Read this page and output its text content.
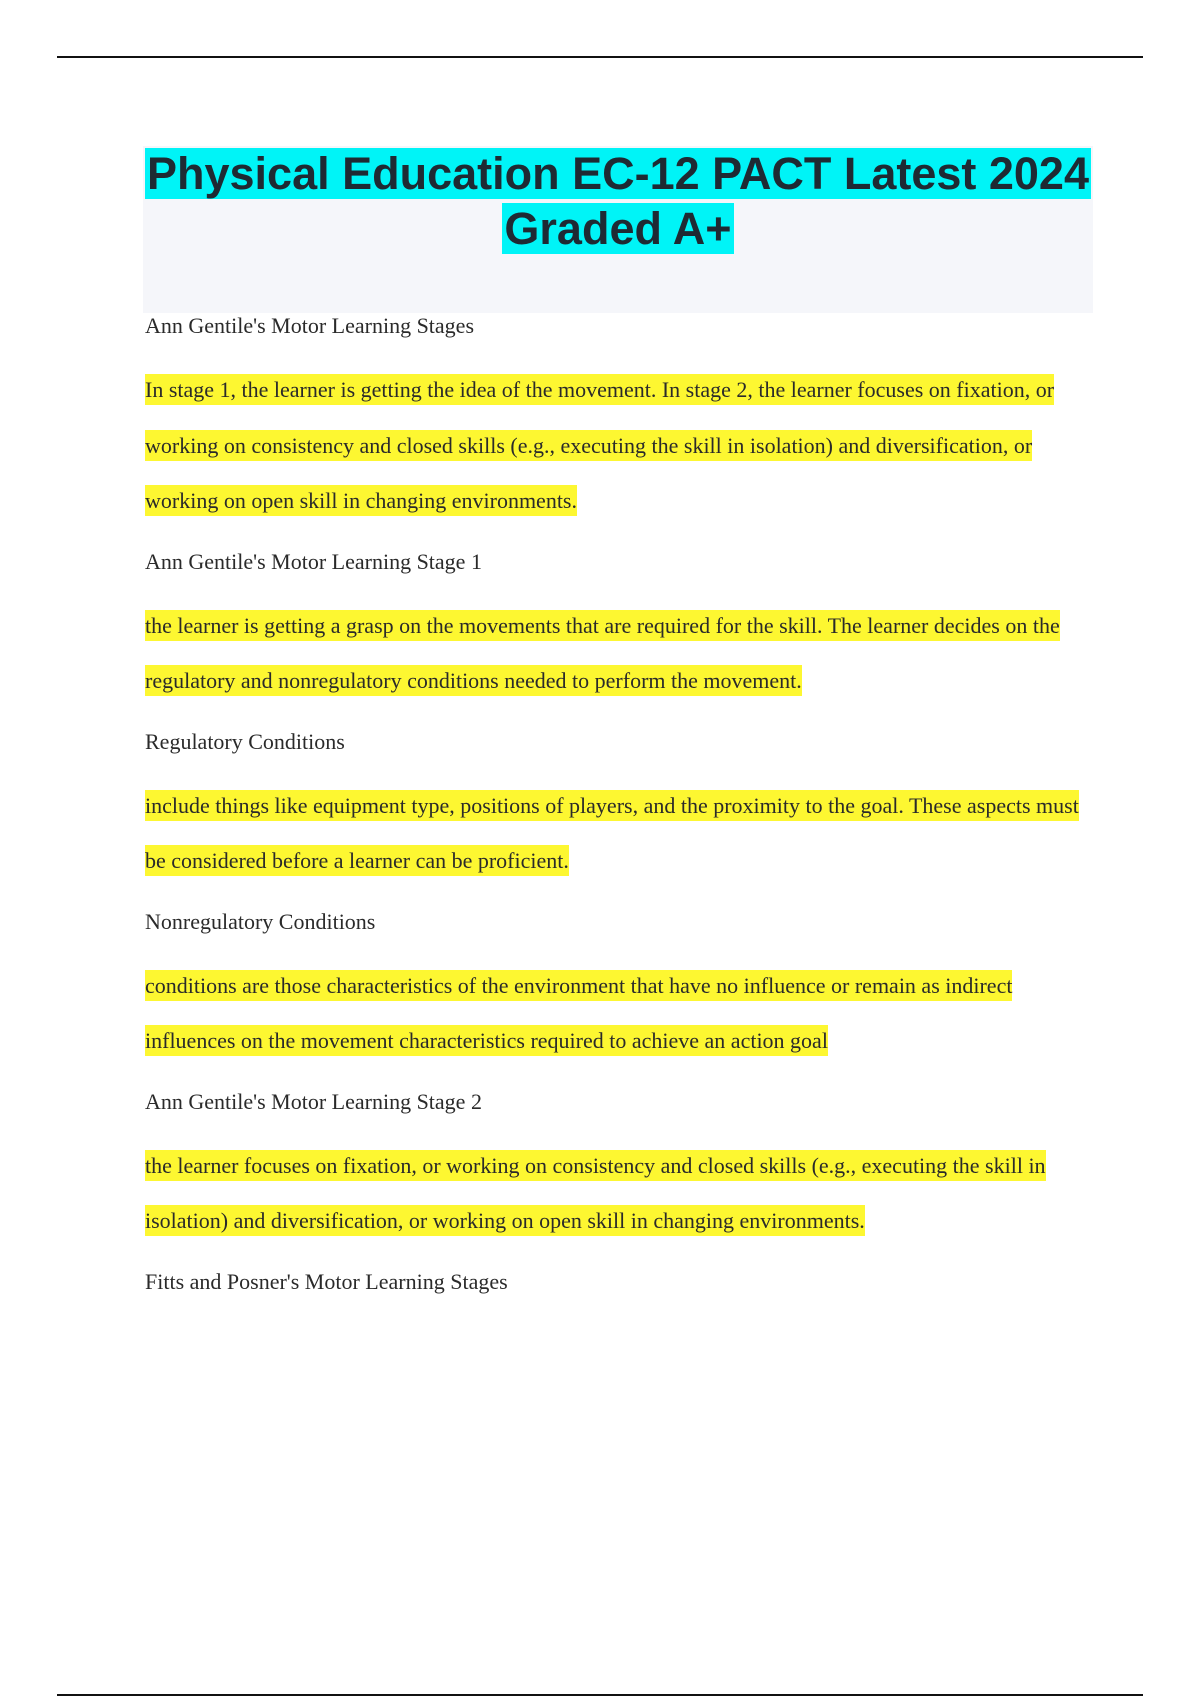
Physical Education EC-12 PACT Latest 2024 Graded A+

Ann Gentile's Motor Learning Stages

In stage 1, the learner is getting the idea of the movement. In stage 2, the learner focuses on fixation, or working on consistency and closed skills (e.g., executing the skill in isolation) and diversification, or working on open skill in changing environments.

Ann Gentile's Motor Learning Stage 1

the learner is getting a grasp on the movements that are required for the skill. The learner decides on the regulatory and nonregulatory conditions needed to perform the movement.

Regulatory Conditions

include things like equipment type, positions of players, and the proximity to the goal. These aspects must be considered before a learner can be proficient.

Nonregulatory Conditions

conditions are those characteristics of the environment that have no influence or remain as indirect influences on the movement characteristics required to achieve an action goal

Ann Gentile's Motor Learning Stage 2

the learner focuses on fixation, or working on consistency and closed skills (e.g., executing the skill in isolation) and diversification, or working on open skill in changing environments.

Fitts and Posner's Motor Learning Stages
